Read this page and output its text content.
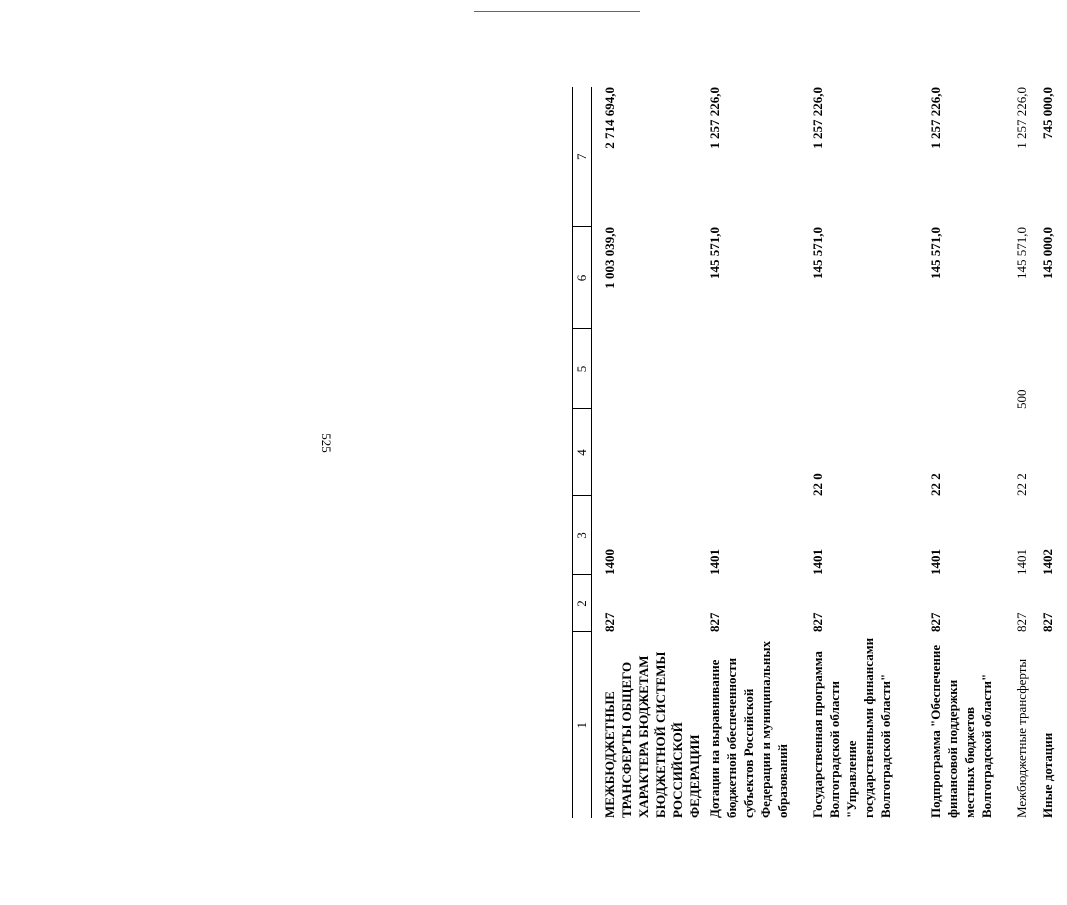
525
1	2	3	4	5	6	7
МЕЖБЮДЖЕТНЫЕ ТРАНСФЕРТЫ ОБЩЕГО ХАРАКТЕРА БЮДЖЕТАМ БЮДЖЕТНОЙ СИСТЕМЫ РОССИЙСКОЙ ФЕДЕРАЦИИ	827	1400			1 003 039,0	2 714 694,0
Дотации на выравнивание бюджетной обеспеченности субъектов Российской Федерации и муниципальных образований	827	1401			145 571,0	1 257 226,0
Государственная программа Волгоградской области "Управление государственными финансами Волгоградской области"	827	1401	22 0		145 571,0	1 257 226,0
Подпрограмма "Обеспечение финансовой поддержки местных бюджетов Волгоградской области"	827	1401	22 2		145 571,0	1 257 226,0
Межбюджетные трансферты	827	1401	22 2	500	145 571,0	1 257 226,0
Иные дотации	827	1402			145 000,0	745 000,0
